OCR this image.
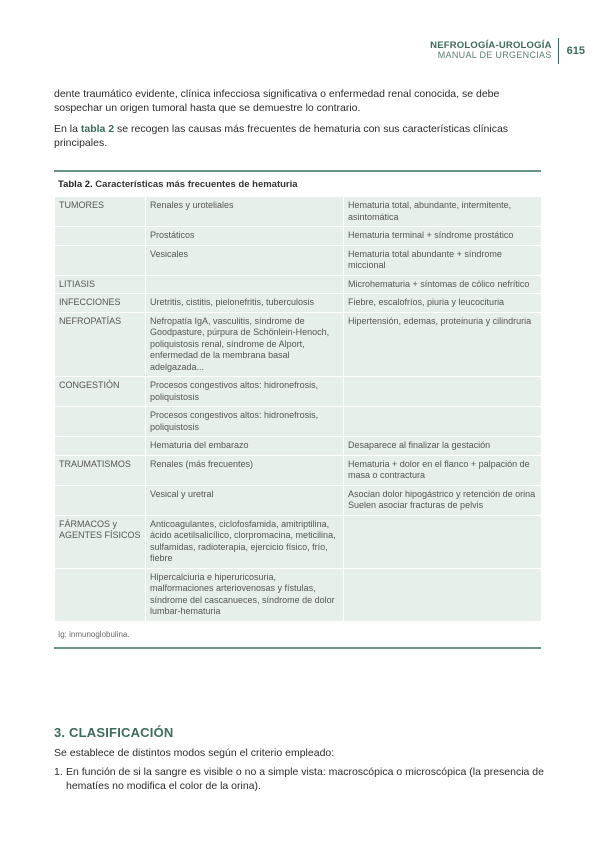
NEFROLOGÍA-UROLOGÍA
MANUAL DE URGENCIAS 615
dente traumático evidente, clínica infecciosa significativa o enfermedad renal conocida, se debe sospechar un origen tumoral hasta que se demuestre lo contrario.
En la tabla 2 se recogen las causas más frecuentes de hematuria con sus características clínicas principales.
Tabla 2. Características más frecuentes de hematuria
TUMORES	Renales y uroteliales	Hematuria total, abundante, intermitente, asintomática
	Prostáticos	Hematuria terminal + síndrome prostático
	Vesicales	Hematuria total abundante + síndrome miccional
LITIASIS		Microhematuria + síntomas de cólico nefrítico
INFECCIONES	Uretritis, cistitis, pielonefritis, tuberculosis	Fiebre, escalofríos, piuria y leucocituria
NEFROPATÍAS	Nefropatía IgA, vasculitis, síndrome de Goodpasture, púrpura de Schönlein-Henoch, poliquistosis renal, síndrome de Alport, enfermedad de la membrana basal adelgazada...	Hipertensión, edemas, proteinuria y cilindruria
CONGESTIÓN	Procesos congestivos altos: hidronefrosis, poliquistosis	
	Procesos congestivos altos: hidronefrosis, poliquistosis	
	Hematuria del embarazo	Desaparece al finalizar la gestación
TRAUMATISMOS	Renales (más frecuentes)	Hematuria + dolor en el flanco + palpación de masa o contractura
	Vesical y uretral	Asocian dolor hipogástrico y retención de orina
Suelen asociar fracturas de pelvis
FÁRMACOS y AGENTES FÍSICOS	Anticoagulantes, ciclofosfamida, amitriptilina, ácido acetilsalicílico, clorpromacina, meticilina, sulfamidas, radioterapia, ejercicio físico, frío, fiebre	
	Hipercalciuria e hiperuricosuria, malformaciones arteriovenosas y fístulas, síndrome del cascanueces, síndrome de dolor lumbar-hematuria	
Ig: inmunoglobulina.
3. CLASIFICACIÓN
Se establece de distintos modos según el criterio empleado:
1. En función de si la sangre es visible o no a simple vista: macroscópica o microscópica (la presencia de hematíes no modifica el color de la orina).
